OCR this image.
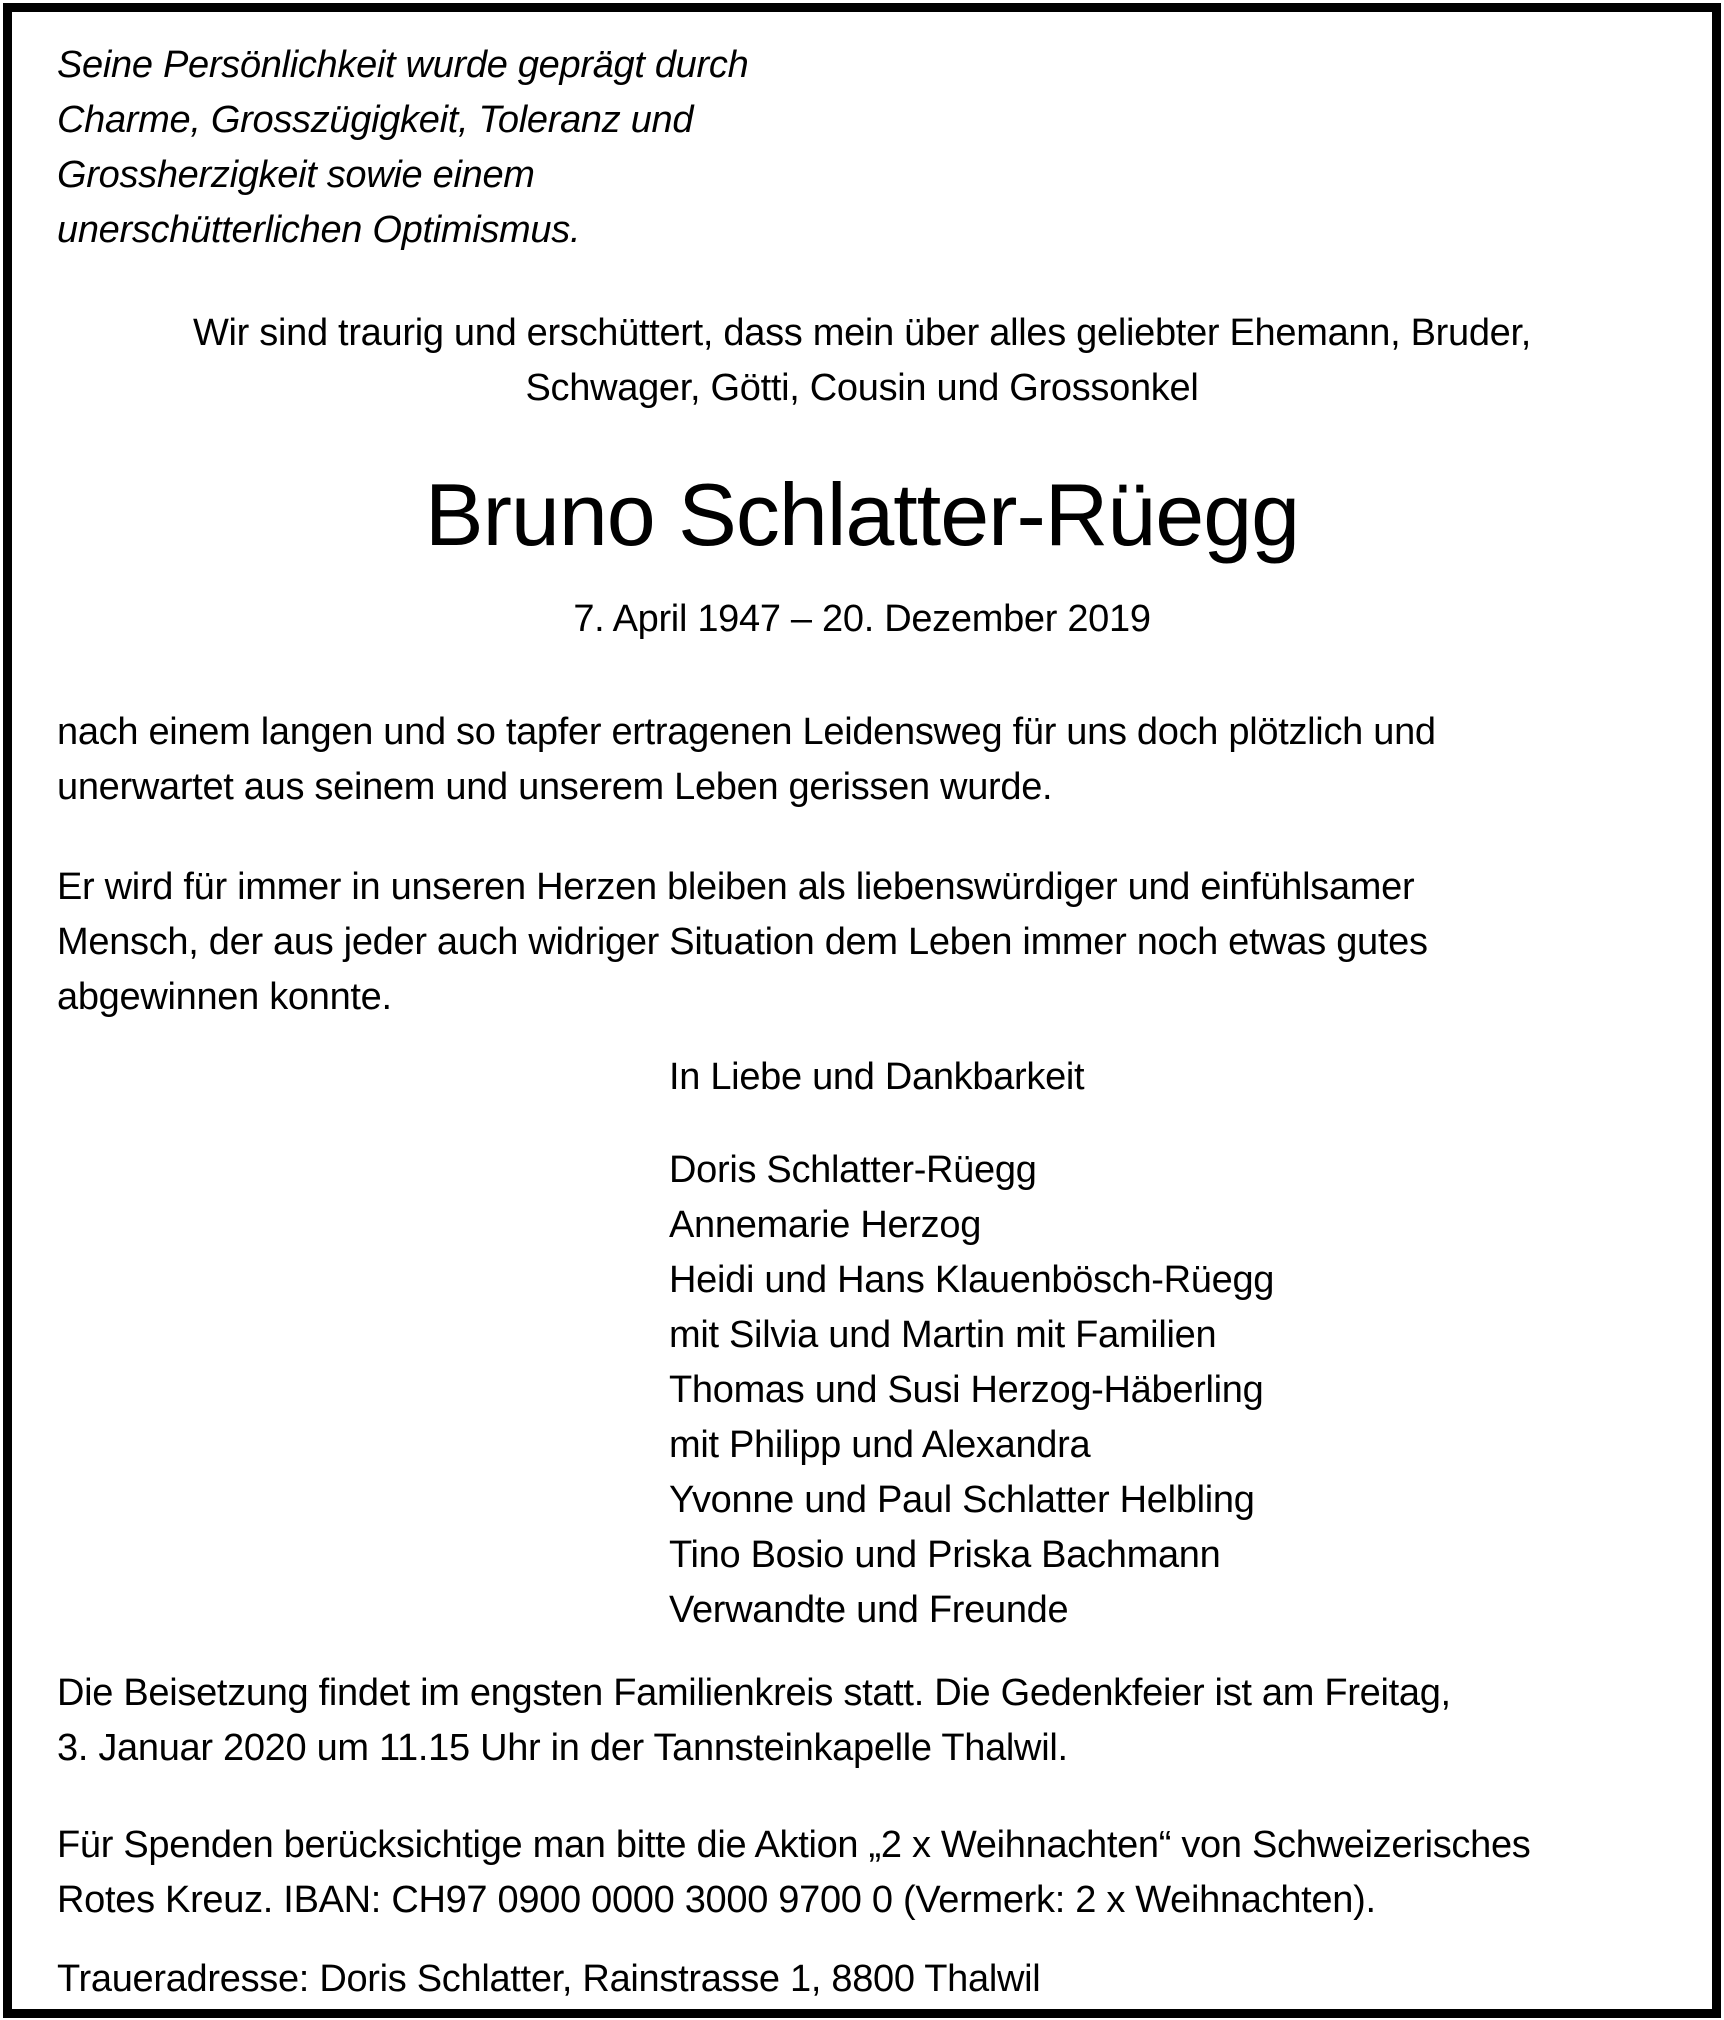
Seine Persönlichkeit wurde geprägt durch
Charme, Grosszügigkeit, Toleranz und
Grossherzigkeit sowie einem
unerschütterlichen Optimismus.
Wir sind traurig und erschüttert, dass mein über alles geliebter Ehemann, Bruder,
Schwager, Götti, Cousin und Grossonkel
Bruno Schlatter-Rüegg
7. April 1947 – 20. Dezember 2019
nach einem langen und so tapfer ertragenen Leidensweg für uns doch plötzlich und
unerwartet aus seinem und unserem Leben gerissen wurde.
Er wird für immer in unseren Herzen bleiben als liebenswürdiger und einfühlsamer
Mensch, der aus jeder auch widriger Situation dem Leben immer noch etwas gutes
abgewinnen konnte.
In Liebe und Dankbarkeit
Doris Schlatter-Rüegg
Annemarie Herzog
Heidi und Hans Klauenbösch-Rüegg
mit Silvia und Martin mit Familien
Thomas und Susi Herzog-Häberling
mit Philipp und Alexandra
Yvonne und Paul Schlatter Helbling
Tino Bosio und Priska Bachmann
Verwandte und Freunde
Die Beisetzung findet im engsten Familienkreis statt. Die Gedenkfeier ist am Freitag,
3. Januar 2020 um 11.15 Uhr in der Tannsteinkapelle Thalwil.
Für Spenden berücksichtige man bitte die Aktion „2 x Weihnachten“ von Schweizerisches
Rotes Kreuz. IBAN: CH97 0900 0000 3000 9700 0 (Vermerk: 2 x Weihnachten).
Traueradresse: Doris Schlatter, Rainstrasse 1, 8800 Thalwil
